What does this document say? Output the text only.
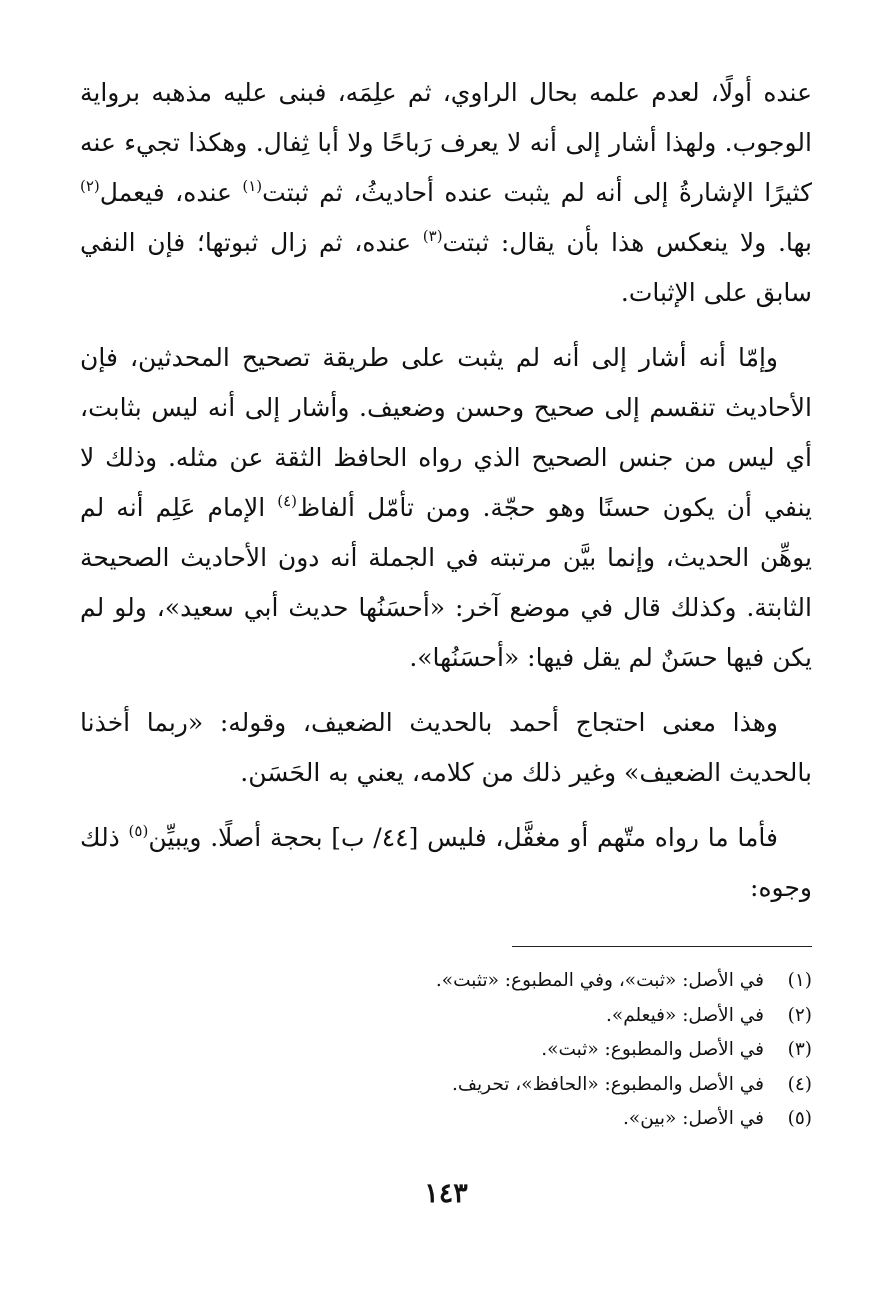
عنده أولًا، لعدم علمه بحال الراوي، ثم علِمَه، فبنى عليه مذهبه برواية الوجوب. ولهذا أشار إلى أنه لا يعرف رَباحًا ولا أبا ثِفال. وهكذا تجيء عنه كثيرًا الإشارةُ إلى أنه لم يثبت عنده أحاديثُ، ثم ثبتت$^{(١)}$ عنده، فيعمل$^{(٢)}$ بها. ولا ينعكس هذا بأن يقال: ثبتت$^{(٣)}$ عنده، ثم زال ثبوتها؛ فإن النفي سابق على الإثبات.

وإمّا أنه أشار إلى أنه لم يثبت على طريقة تصحيح المحدثين، فإن الأحاديث تنقسم إلى صحيح وحسن وضعيف. وأشار إلى أنه ليس بثابت، أي ليس من جنس الصحيح الذي رواه الحافظ الثقة عن مثله. وذلك لا ينفي أن يكون حسنًا وهو حجّة. ومن تأمّل ألفاظ$^{(٤)}$ الإمام عَلِم أنه لم يوهِّن الحديث، وإنما بيَّن مرتبته في الجملة أنه دون الأحاديث الصحيحة الثابتة. وكذلك قال في موضع آخر: «أحسَنُها حديث أبي سعيد»، ولو لم يكن فيها حسَنٌ لم يقل فيها: «أحسَنُها».

وهذا معنى احتجاج أحمد بالحديث الضعيف، وقوله: «ربما أخذنا بالحديث الضعيف» وغير ذلك من كلامه، يعني به الحَسَن.

فأما ما رواه متّهم أو مغفَّل، فليس [٤٤/ ب] بحجة أصلًا. ويبيِّن$^{(٥)}$ ذلك وجوه:

(١)في الأصل: «ثبت»، وفي المطبوع: «تثبت».
(٢)في الأصل: «فيعلم».
(٣)في الأصل والمطبوع: «ثبت».
(٤)في الأصل والمطبوع: «الحافظ»، تحريف.
(٥)في الأصل: «بين».
١٤٣
